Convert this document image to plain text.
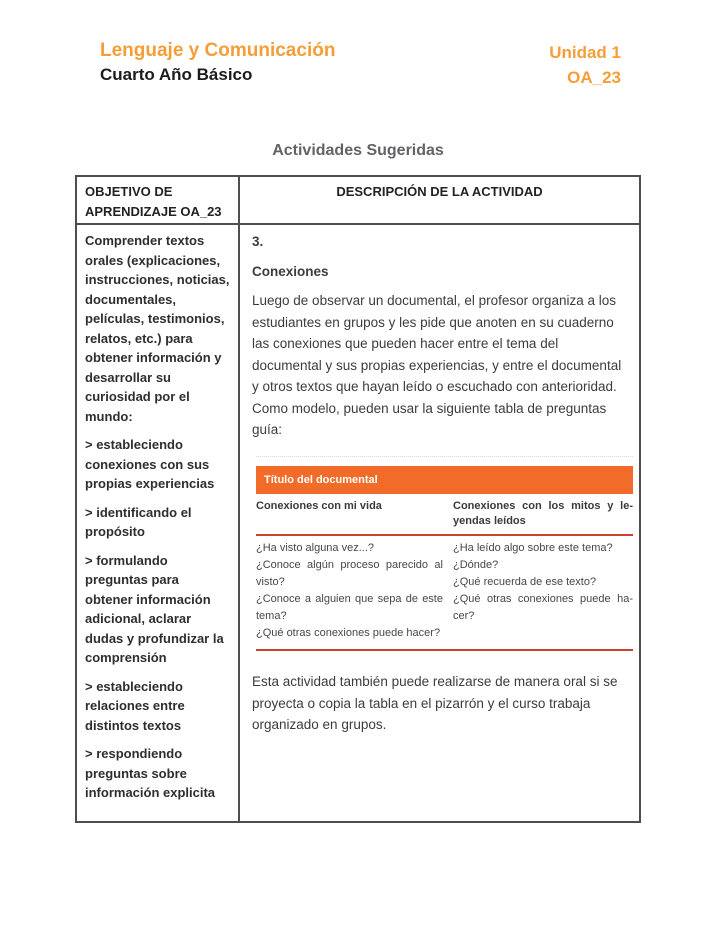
Lenguaje y Comunicación

Cuarto Año Básico

Unidad 1

OA_23

Actividades Sugeridas
OBJETIVO DE APRENDIZAJE OA_23
DESCRIPCIÓN DE LA ACTIVIDAD

Comprender textos orales (explicaciones, instrucciones, noticias, documentales, películas, testimonios, relatos, etc.) para obtener información y desarrollar su curiosidad por el mundo:

> estableciendo conexiones con sus propias experiencias

> identificando el propósito

> formulando preguntas para obtener información adicional, aclarar dudas y profundizar la comprensión

> estableciendo relaciones entre distintos textos

> respondiendo preguntas sobre información explicita

3.

Conexiones

Luego de observar un documental, el profesor organiza a los estudiantes en grupos y les pide que anoten en su cuaderno las conexiones que pueden hacer entre el tema del documental y sus propias experiencias, y entre el documental y otros textos que hayan leído o escuchado con anterioridad. Como modelo, pueden usar la siguiente tabla de preguntas guía:

Título del documental
Conexiones con mi vida	Conexiones con los mitos y leyendas leídos

¿Ha visto alguna vez...?

¿Conoce algún proceso parecido al visto?

¿Conoce a alguien que sepa de este tema?

¿Qué otras conexiones puede hacer?

¿Ha leído algo sobre este tema?

¿Dónde?

¿Qué recuerda de ese texto?

¿Qué otras conexiones puede hacer?

Esta actividad también puede realizarse de manera oral si se proyecta o copia la tabla en el pizarrón y el curso trabaja organizado en grupos.
